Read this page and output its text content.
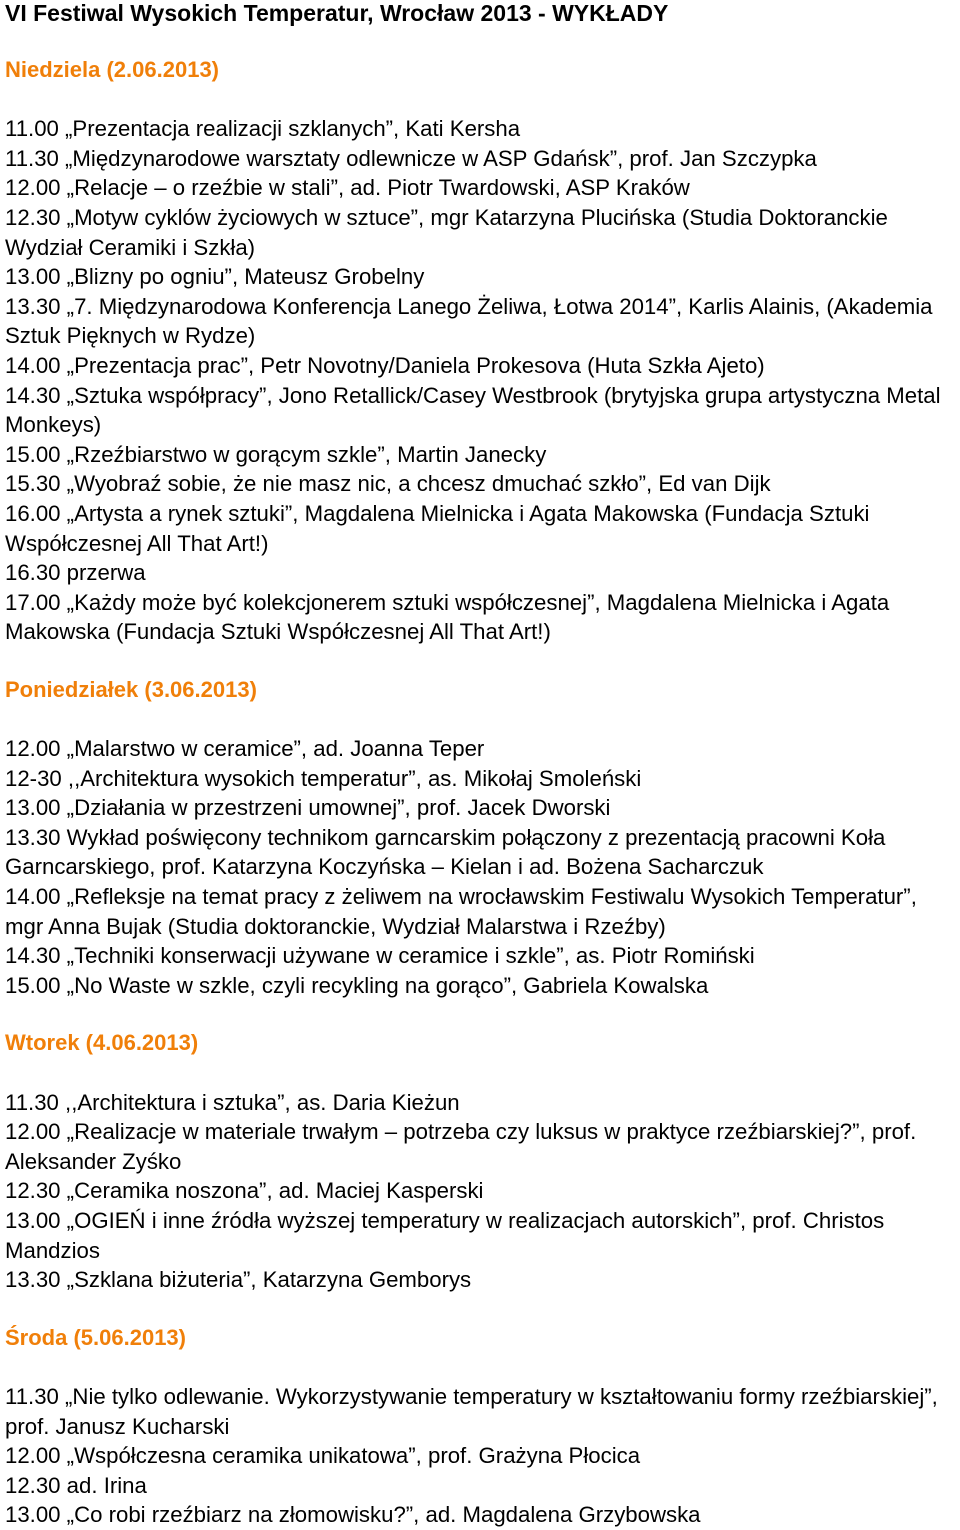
VI Festiwal Wysokich Temperatur, Wrocław 2013 - WYKŁADY
Niedziela (2.06.2013)
11.00 „Prezentacja realizacji szklanych”, Kati Kersha
11.30 „Międzynarodowe warsztaty odlewnicze w ASP Gdańsk”, prof. Jan Szczypka
12.00 „Relacje – o rzeźbie w stali”, ad. Piotr Twardowski, ASP Kraków
12.30 „Motyw cyklów życiowych w sztuce”, mgr Katarzyna Plucińska (Studia Doktoranckie Wydział Ceramiki i Szkła)
13.00 „Blizny po ogniu”, Mateusz Grobelny
13.30 „7. Międzynarodowa Konferencja Lanego Żeliwa, Łotwa 2014”, Karlis Alainis, (Akademia Sztuk Pięknych w Rydze)
14.00 „Prezentacja prac”, Petr Novotny/Daniela Prokesova (Huta Szkła Ajeto)
14.30 „Sztuka współpracy”, Jono Retallick/Casey Westbrook (brytyjska grupa artystyczna Metal Monkeys)
15.00 „Rzeźbiarstwo w gorącym szkle”, Martin Janecky
15.30 „Wyobraź sobie, że nie masz nic, a chcesz dmuchać szkło”, Ed van Dijk
16.00 „Artysta a rynek sztuki”, Magdalena Mielnicka i Agata Makowska (Fundacja Sztuki Współczesnej All That Art!)
16.30 przerwa
17.00 „Każdy może być kolekcjonerem sztuki współczesnej”, Magdalena Mielnicka i Agata Makowska (Fundacja Sztuki Współczesnej All That Art!)
Poniedziałek (3.06.2013)
12.00 „Malarstwo w ceramice”, ad. Joanna Teper
12-30 ,,Architektura wysokich temperatur”, as. Mikołaj Smoleński
13.00 „Działania w przestrzeni umownej”, prof. Jacek Dworski
13.30 Wykład poświęcony technikom garncarskim połączony z prezentacją pracowni Koła Garncarskiego, prof. Katarzyna Koczyńska – Kielan i ad. Bożena Sacharczuk
14.00 „Refleksje na temat pracy z żeliwem na wrocławskim Festiwalu Wysokich Temperatur”, mgr Anna Bujak (Studia doktoranckie, Wydział Malarstwa i Rzeźby)
14.30 „Techniki konserwacji używane w ceramice i szkle”, as. Piotr Romiński
15.00 „No Waste w szkle, czyli recykling na gorąco”, Gabriela Kowalska
Wtorek (4.06.2013)
11.30 ,,Architektura i sztuka”, as. Daria Kieżun
12.00 „Realizacje w materiale trwałym – potrzeba czy luksus w praktyce rzeźbiarskiej?”, prof. Aleksander Zyśko
12.30 „Ceramika noszona”, ad. Maciej Kasperski
13.00 „OGIEŃ i inne źródła wyższej temperatury w realizacjach autorskich”, prof. Christos Mandzios
13.30 „Szklana biżuteria”, Katarzyna Gemborys
Środa (5.06.2013)
11.30 „Nie tylko odlewanie. Wykorzystywanie temperatury w kształtowaniu formy rzeźbiarskiej”, prof. Janusz Kucharski
12.00 „Współczesna ceramika unikatowa”, prof. Grażyna Płocica
12.30 ad. Irina
13.00 „Co robi rzeźbiarz na złomowisku?”, ad. Magdalena Grzybowska
